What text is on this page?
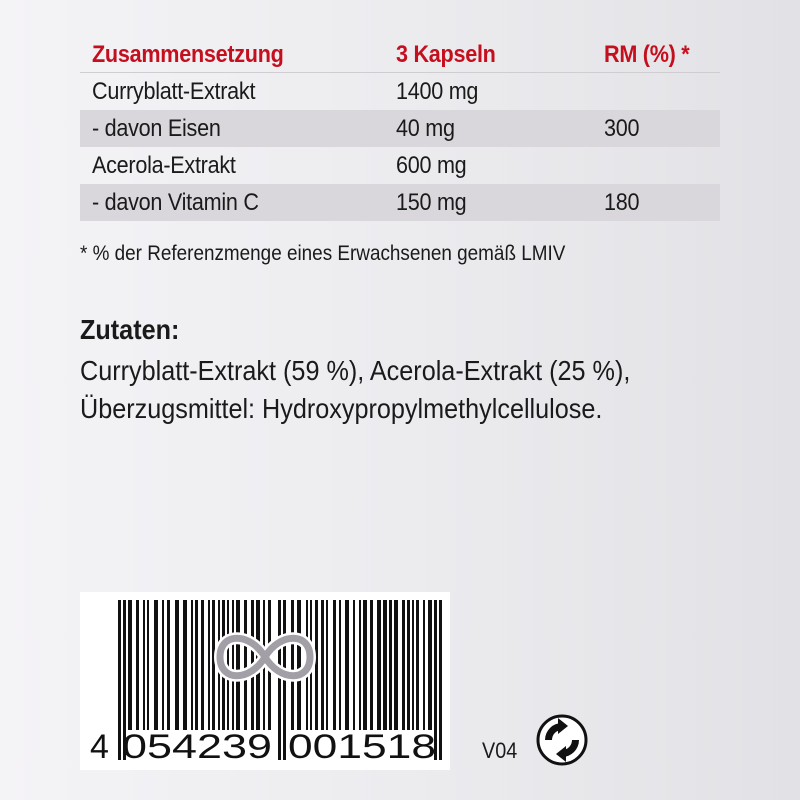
Zusammensetzung	3 Kapseln	RM (%) *
Curryblatt-Extrakt	1400 mg
- davon Eisen	40 mg	300
Acerola-Extrakt	600 mg
- davon Vitamin C	150 mg	180
* % der Referenzmenge eines Erwachsenen gemäß LMIV
Zutaten:
Curryblatt-Extrakt (59 %), Acerola-Extrakt (25 %),
Überzugsmittel: Hydroxypropylmethylcellulose.
4 054239 001518 V04
